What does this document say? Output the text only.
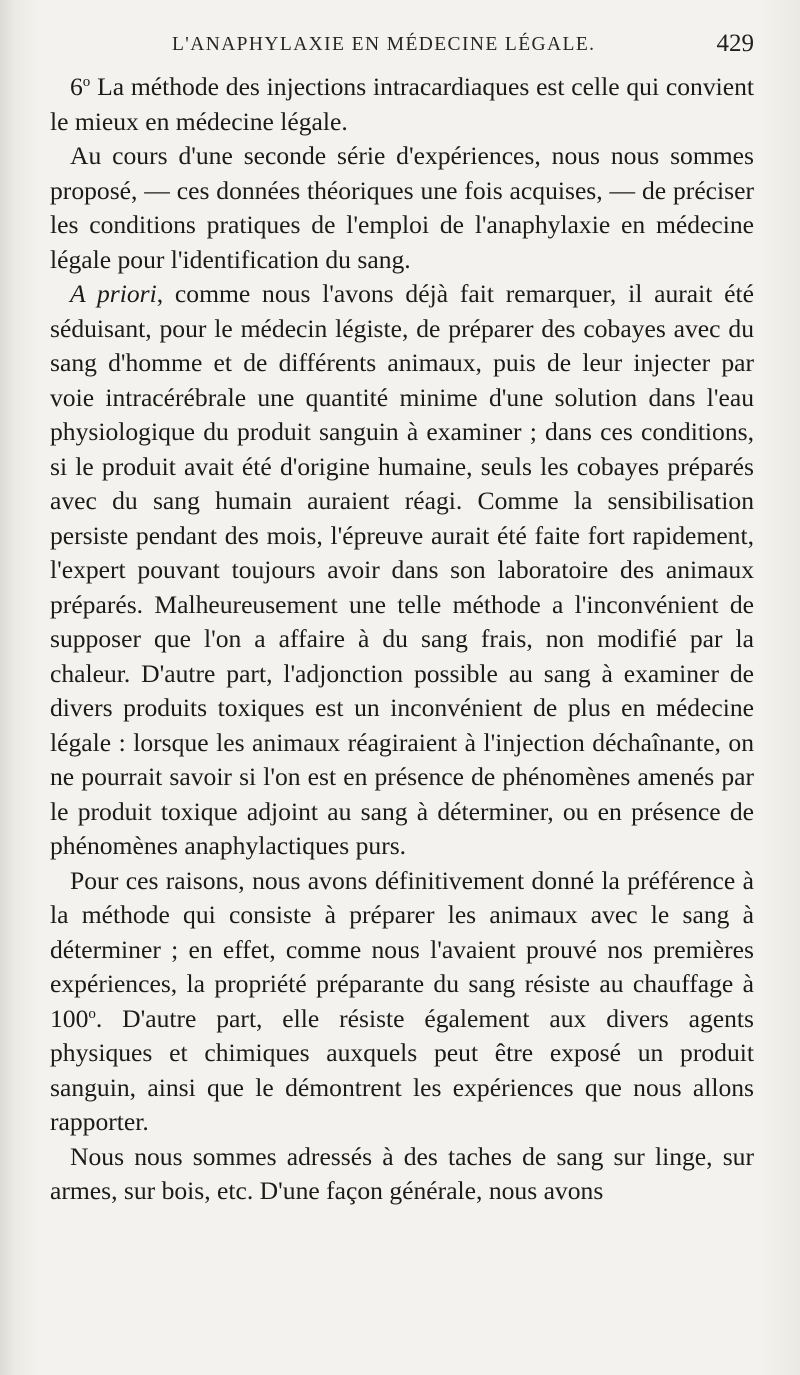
L'ANAPHYLAXIE EN MÉDECINE LÉGALE.	429

6$^o$ La méthode des injections intracardiaques est celle qui convient le mieux en médecine légale.

Au cours d'une seconde série d'expériences, nous nous sommes proposé, — ces données théoriques une fois acquises, — de préciser les conditions pratiques de l'emploi de l'anaphylaxie en médecine légale pour l'identification du sang.

A priori, comme nous l'avons déjà fait remarquer, il aurait été séduisant, pour le médecin légiste, de préparer des cobayes avec du sang d'homme et de différents animaux, puis de leur injecter par voie intracérébrale une quantité minime d'une solution dans l'eau physiologique du produit sanguin à examiner ; dans ces conditions, si le produit avait été d'origine humaine, seuls les cobayes préparés avec du sang humain auraient réagi. Comme la sensibilisation persiste pendant des mois, l'épreuve aurait été faite fort rapidement, l'expert pouvant toujours avoir dans son laboratoire des animaux préparés. Malheureusement une telle méthode a l'inconvénient de supposer que l'on a affaire à du sang frais, non modifié par la chaleur. D'autre part, l'adjonction possible au sang à examiner de divers produits toxiques est un inconvénient de plus en médecine légale : lorsque les animaux réagiraient à l'injection déchaînante, on ne pourrait savoir si l'on est en présence de phénomènes amenés par le produit toxique adjoint au sang à déterminer, ou en présence de phénomènes anaphylactiques purs.

Pour ces raisons, nous avons définitivement donné la préférence à la méthode qui consiste à préparer les animaux avec le sang à déterminer ; en effet, comme nous l'avaient prouvé nos premières expériences, la propriété préparante du sang résiste au chauffage à 100$^o$. D'autre part, elle résiste également aux divers agents physiques et chimiques auxquels peut être exposé un produit sanguin, ainsi que le démontrent les expériences que nous allons rapporter.

Nous nous sommes adressés à des taches de sang sur linge, sur armes, sur bois, etc. D'une façon générale, nous avons
